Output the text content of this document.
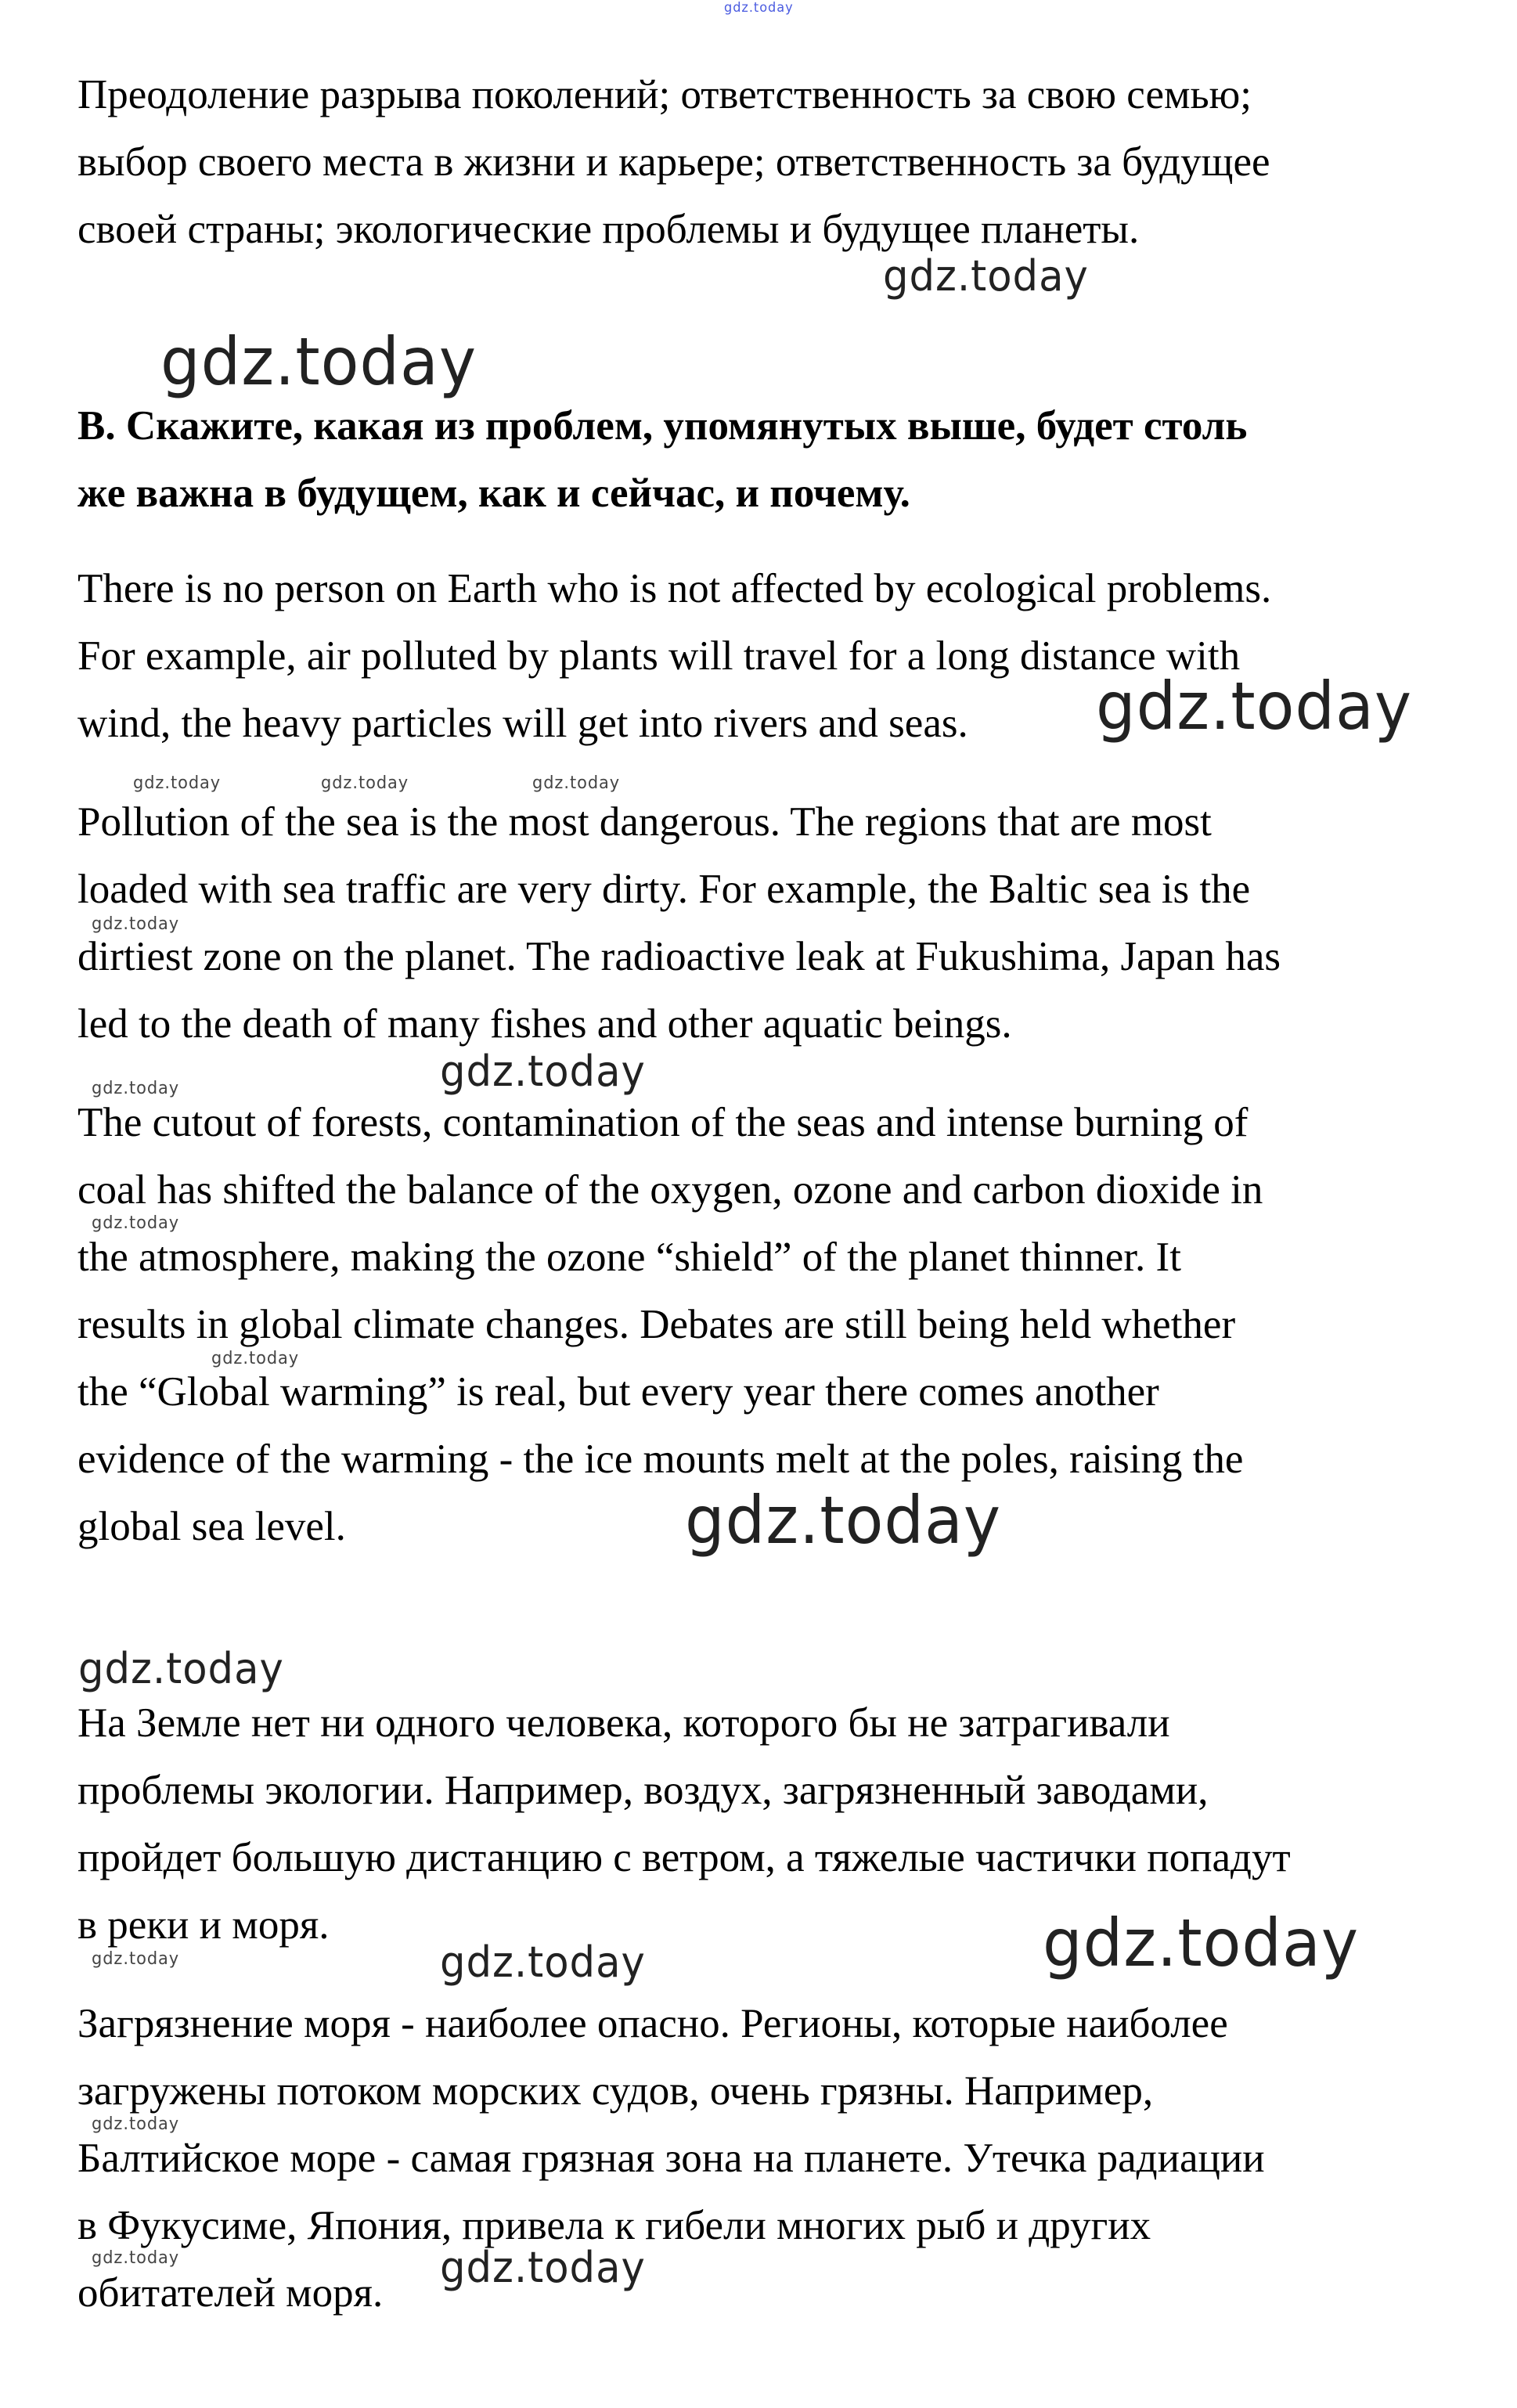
Преодоление разрыва поколений; ответственность за свою семью;
выбор своего места в жизни и карьере; ответственность за будущее
своей страны; экологические проблемы и будущее планеты.
B. Скажите, какая из проблем, упомянутых выше, будет столь
же важна в будущем, как и сейчас, и почему.
There is no person on Earth who is not affected by ecological problems.
For example, air polluted by plants will travel for a long distance with
wind, the heavy particles will get into rivers and seas.
Pollution of the sea is the most dangerous. The regions that are most
loaded with sea traffic are very dirty. For example, the Baltic sea is the
dirtiest zone on the planet. The radioactive leak at Fukushima, Japan has
led to the death of many fishes and other aquatic beings.
The cutout of forests, contamination of the seas and intense burning of
coal has shifted the balance of the oxygen, ozone and carbon dioxide in
the atmosphere, making the ozone “shield” of the planet thinner. It
results in global climate changes. Debates are still being held whether
the “Global warming” is real, but every year there comes another
evidence of the warming - the ice mounts melt at the poles, raising the
global sea level.
На Земле нет ни одного человека, которого бы не затрагивали
проблемы экологии. Например, воздух, загрязненный заводами,
пройдет большую дистанцию с ветром, а тяжелые частички попадут
в реки и моря.
Загрязнение моря - наиболее опасно. Регионы, которые наиболее
загружены потоком морских судов, очень грязны. Например,
Балтийское море - самая грязная зона на планете. Утечка радиации
в Фукусиме, Япония, привела к гибели многих рыб и других
обитателей моря.
gdz.today
gdz.today
gdz.today
gdz.today
gdz.today	gdz.today	gdz.today
gdz.today
gdz.today	gdz.today
gdz.today
gdz.today
gdz.today
gdz.today
gdz.today	gdz.today	gdz.today
gdz.today
gdz.today	gdz.today
